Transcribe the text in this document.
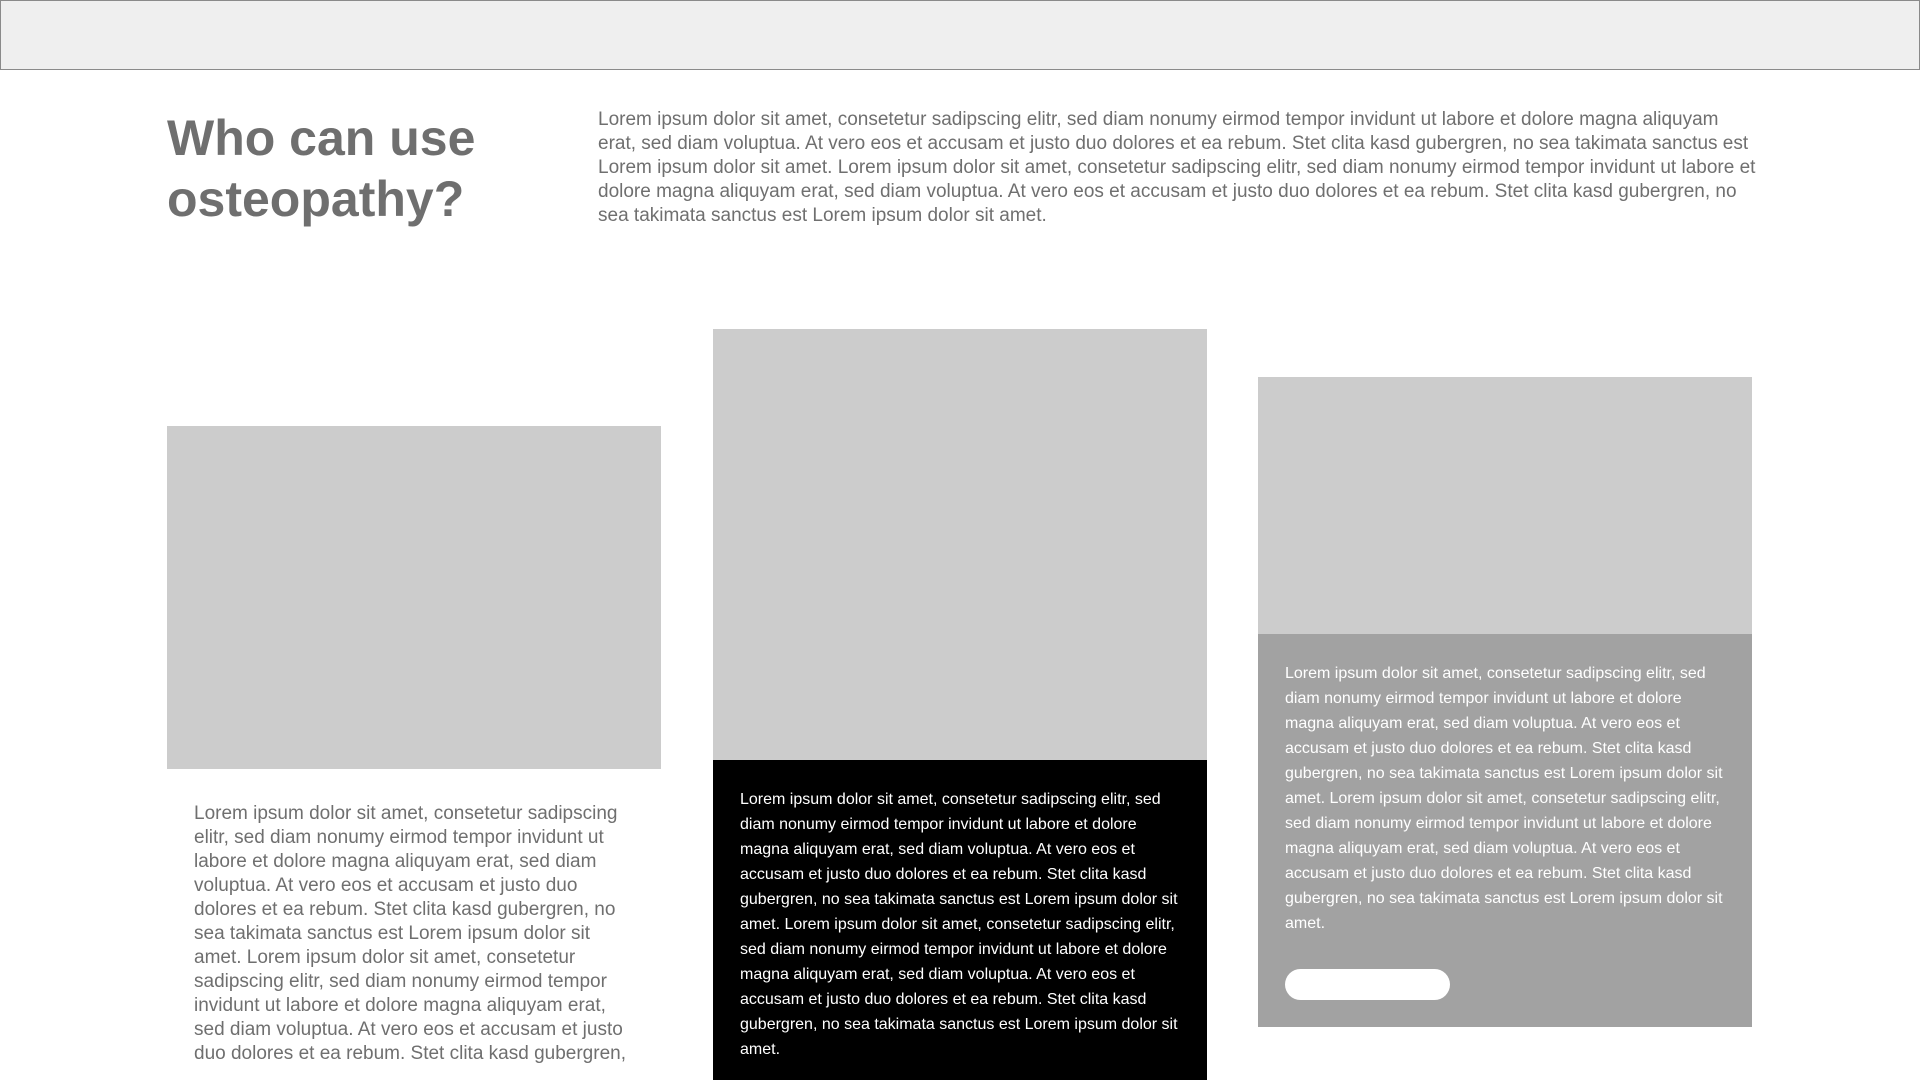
Who can use osteopathy?

Lorem ipsum dolor sit amet, consetetur sadipscing elitr, sed diam nonumy eirmod tempor invidunt ut labore et dolore magna aliquyam erat, sed diam voluptua. At vero eos et accusam et justo duo dolores et ea rebum. Stet clita kasd gubergren, no sea takimata sanctus est Lorem ipsum dolor sit amet. Lorem ipsum dolor sit amet, consetetur sadipscing elitr, sed diam nonumy eirmod tempor invidunt ut labore et dolore magna aliquyam erat, sed diam voluptua. At vero eos et accusam et justo duo dolores et ea rebum. Stet clita kasd gubergren, no sea takimata sanctus est Lorem ipsum dolor sit amet.

Lorem ipsum dolor sit amet, consetetur sadipscing elitr, sed diam nonumy eirmod tempor invidunt ut labore et dolore magna aliquyam erat, sed diam voluptua. At vero eos et accusam et justo duo dolores et ea rebum. Stet clita kasd gubergren, no sea takimata sanctus est Lorem ipsum dolor sit amet. Lorem ipsum dolor sit amet, consetetur sadipscing elitr, sed diam nonumy eirmod tempor invidunt ut labore et dolore magna aliquyam erat, sed diam voluptua. At vero eos et accusam et justo duo dolores et ea rebum. Stet clita kasd gubergren,

Lorem ipsum dolor sit amet, consetetur sadipscing elitr, sed diam nonumy eirmod tempor invidunt ut labore et dolore magna aliquyam erat, sed diam voluptua. At vero eos et accusam et justo duo dolores et ea rebum. Stet clita kasd gubergren, no sea takimata sanctus est Lorem ipsum dolor sit amet. Lorem ipsum dolor sit amet, consetetur sadipscing elitr, sed diam nonumy eirmod tempor invidunt ut labore et dolore magna aliquyam erat, sed diam voluptua. At vero eos et accusam et justo duo dolores et ea rebum. Stet clita kasd gubergren, no sea takimata sanctus est Lorem ipsum dolor sit amet.

Lorem ipsum dolor sit amet, consetetur sadipscing elitr, sed diam nonumy eirmod tempor invidunt ut labore et dolore magna aliquyam erat, sed diam voluptua. At vero eos et accusam et justo duo dolores et ea rebum. Stet clita kasd gubergren, no sea takimata sanctus est Lorem ipsum dolor sit amet. Lorem ipsum dolor sit amet, consetetur sadipscing elitr, sed diam nonumy eirmod tempor invidunt ut labore et dolore magna aliquyam erat, sed diam voluptua. At vero eos et accusam et justo duo dolores et ea rebum. Stet clita kasd gubergren, no sea takimata sanctus est Lorem ipsum dolor sit amet.
